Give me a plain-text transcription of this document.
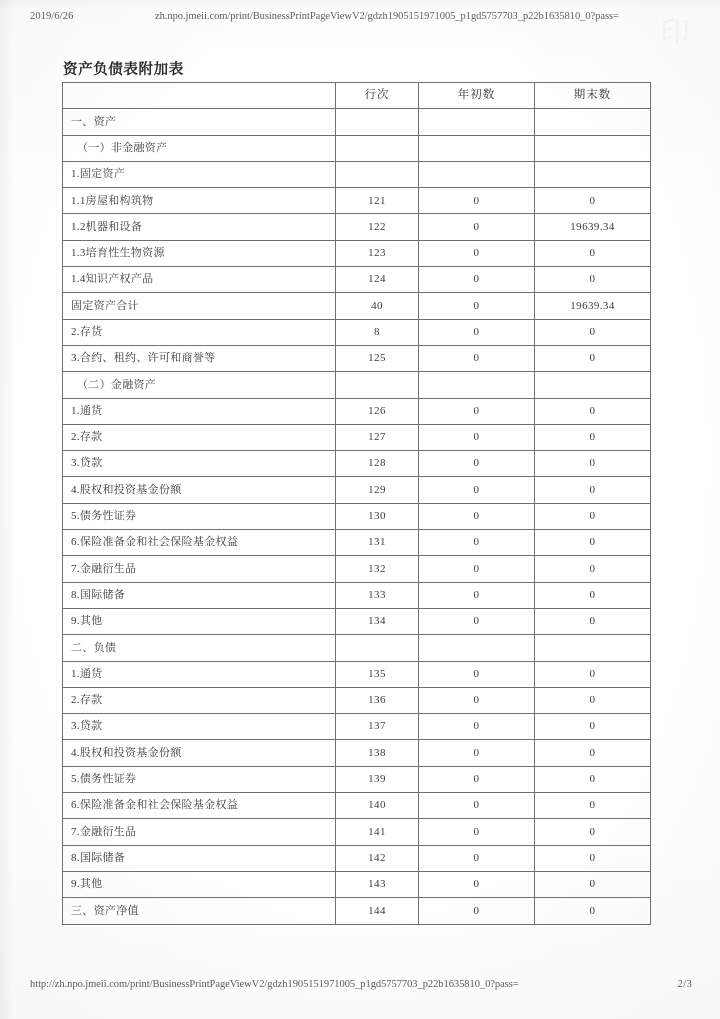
2019/6/26	zh.npo.jmeii.com/print/BusinessPrintPageViewV2/gdzh1905151971005_p1gd5757703_p22b1635810_0?pass=
印
资产负债表附加表
	行次	年初数	期末数
一、资产			
（一）非金融资产			
1.固定资产			
1.1房屋和构筑物	121	0	0
1.2机器和设备	122	0	19639.34
1.3培育性生物资源	123	0	0
1.4知识产权产品	124	0	0
固定资产合计	40	0	19639.34
2.存货	8	0	0
3.合约、租约、许可和商誉等	125	0	0
（二）金融资产			
1.通货	126	0	0
2.存款	127	0	0
3.贷款	128	0	0
4.股权和投资基金份额	129	0	0
5.债务性证券	130	0	0
6.保险准备金和社会保险基金权益	131	0	0
7.金融衍生品	132	0	0
8.国际储备	133	0	0
9.其他	134	0	0
二、负债			
1.通货	135	0	0
2.存款	136	0	0
3.贷款	137	0	0
4.股权和投资基金份额	138	0	0
5.债务性证券	139	0	0
6.保险准备金和社会保险基金权益	140	0	0
7.金融衍生品	141	0	0
8.国际储备	142	0	0
9.其他	143	0	0
三、资产净值	144	0	0
http://zh.npo.jmeii.com/print/BusinessPrintPageViewV2/gdzh1905151971005_p1gd5757703_p22b1635810_0?pass=	2/3
